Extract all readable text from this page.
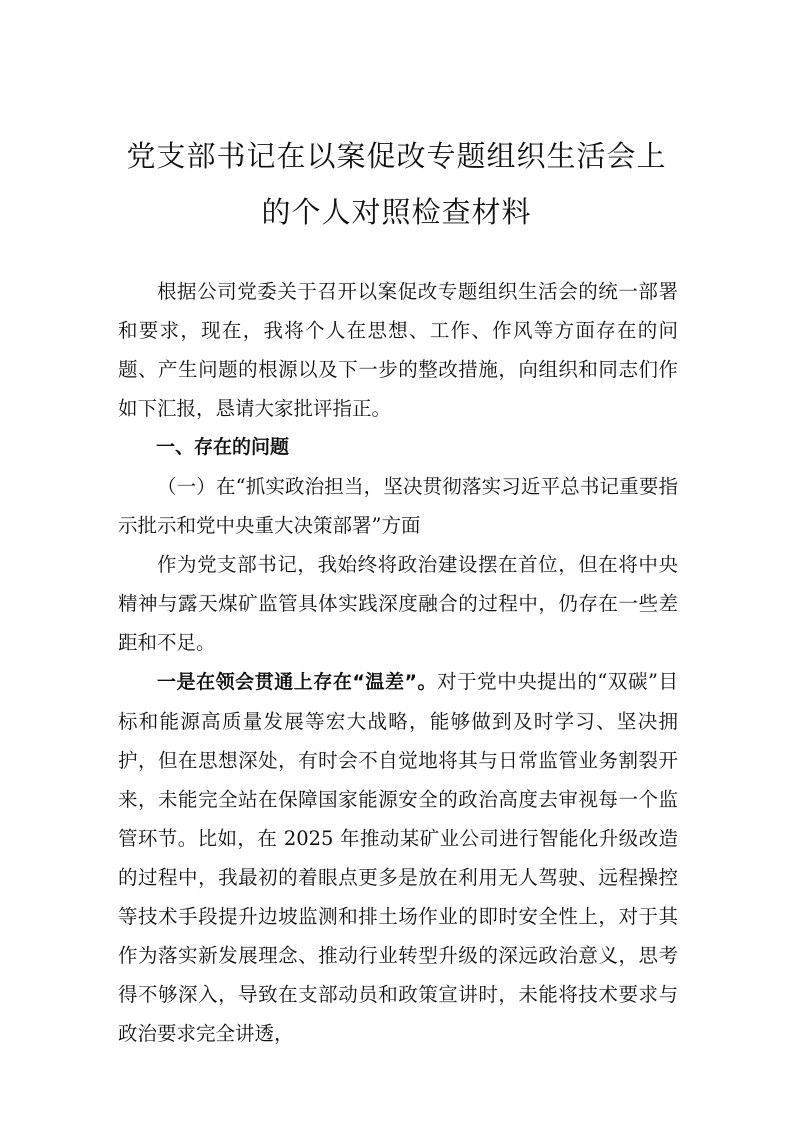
党支部书记在以案促改专题组织生活会上
的个人对照检查材料

根据公司党委关于召开以案促改专题组织生活会的统一部署和要求，现在，我将个人在思想、工作、作风等方面存在的问题、产生问题的根源以及下一步的整改措施，向组织和同志们作如下汇报，恳请大家批评指正。

一、存在的问题

（一）在“抓实政治担当，坚决贯彻落实习近平总书记重要指示批示和党中央重大决策部署”方面

作为党支部书记，我始终将政治建设摆在首位，但在将中央精神与露天煤矿监管具体实践深度融合的过程中，仍存在一些差距和不足。

一是在领会贯通上存在“温差”。对于党中央提出的“双碳”目标和能源高质量发展等宏大战略，能够做到及时学习、坚决拥护，但在思想深处，有时会不自觉地将其与日常监管业务割裂开来，未能完全站在保障国家能源安全的政治高度去审视每一个监管环节。比如，在 2025 年推动某矿业公司进行智能化升级改造的过程中，我最初的着眼点更多是放在利用无人驾驶、远程操控等技术手段提升边坡监测和排土场作业的即时安全性上，对于其作为落实新发展理念、推动行业转型升级的深远政治意义，思考得不够深入，导致在支部动员和政策宣讲时，未能将技术要求与政治要求完全讲透，
